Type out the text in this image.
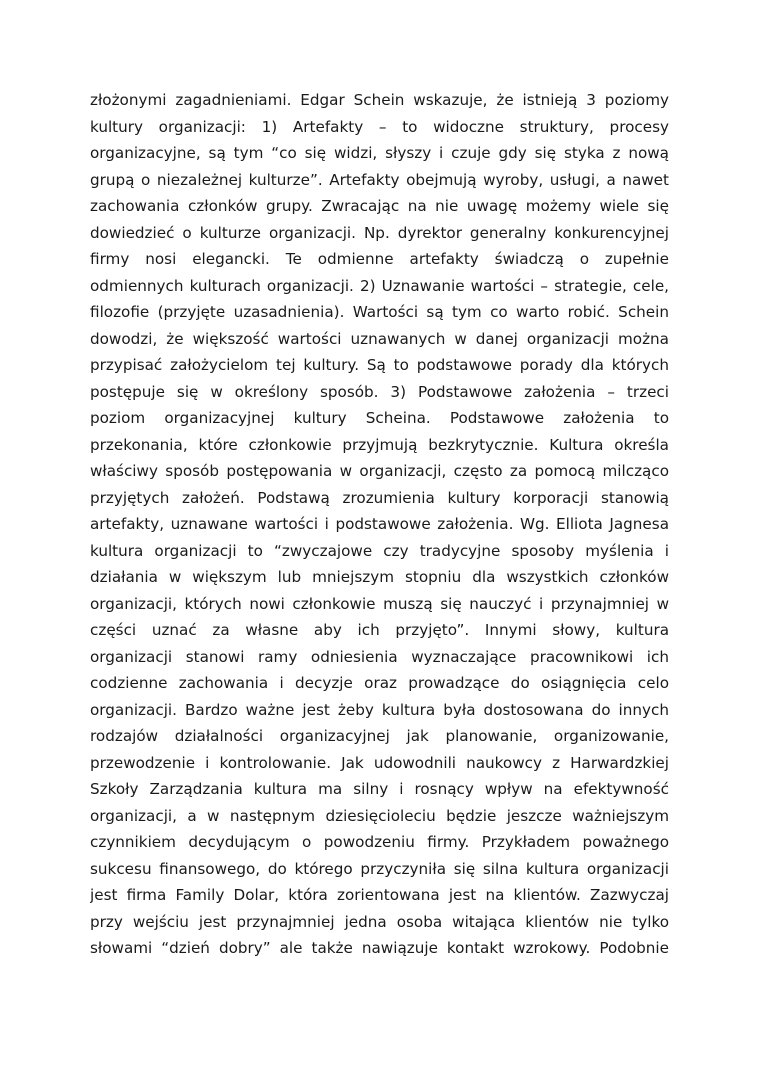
złożonymi zagadnieniami. Edgar Schein wskazuje, że istnieją 3 poziomy
kultury organizacji: 1) Artefakty – to widoczne struktury, procesy
organizacyjne, są tym “co się widzi, słyszy i czuje gdy się styka z nową
grupą o niezależnej kulturze”. Artefakty obejmują wyroby, usługi, a nawet
zachowania członków grupy. Zwracając na nie uwagę możemy wiele się
dowiedzieć o kulturze organizacji. Np. dyrektor generalny konkurencyjnej
firmy nosi elegancki. Te odmienne artefakty świadczą o zupełnie
odmiennych kulturach organizacji. 2) Uznawanie wartości – strategie, cele,
filozofie (przyjęte uzasadnienia). Wartości są tym co warto robić. Schein
dowodzi, że większość wartości uznawanych w danej organizacji można
przypisać założycielom tej kultury. Są to podstawowe porady dla których
postępuje się w określony sposób. 3) Podstawowe założenia – trzeci
poziom organizacyjnej kultury Scheina. Podstawowe założenia to
przekonania, które członkowie przyjmują bezkrytycznie. Kultura określa
właściwy sposób postępowania w organizacji, często za pomocą milcząco
przyjętych założeń. Podstawą zrozumienia kultury korporacji stanowią
artefakty, uznawane wartości i podstawowe założenia. Wg. Elliota Jagnesa
kultura organizacji to “zwyczajowe czy tradycyjne sposoby myślenia i
działania w większym lub mniejszym stopniu dla wszystkich członków
organizacji, których nowi członkowie muszą się nauczyć i przynajmniej w
części uznać za własne aby ich przyjęto”. Innymi słowy, kultura
organizacji stanowi ramy odniesienia wyznaczające pracownikowi ich
codzienne zachowania i decyzje oraz prowadzące do osiągnięcia celo
organizacji. Bardzo ważne jest żeby kultura była dostosowana do innych
rodzajów działalności organizacyjnej jak planowanie, organizowanie,
przewodzenie i kontrolowanie. Jak udowodnili naukowcy z Harwardzkiej
Szkoły Zarządzania kultura ma silny i rosnący wpływ na efektywność
organizacji, a w następnym dziesięcioleciu będzie jeszcze ważniejszym
czynnikiem decydującym o powodzeniu firmy. Przykładem poważnego
sukcesu finansowego, do którego przyczyniła się silna kultura organizacji
jest firma Family Dolar, która zorientowana jest na klientów. Zazwyczaj
przy wejściu jest przynajmniej jedna osoba witająca klientów nie tylko
słowami “dzień dobry” ale także nawiązuje kontakt wzrokowy. Podobnie
